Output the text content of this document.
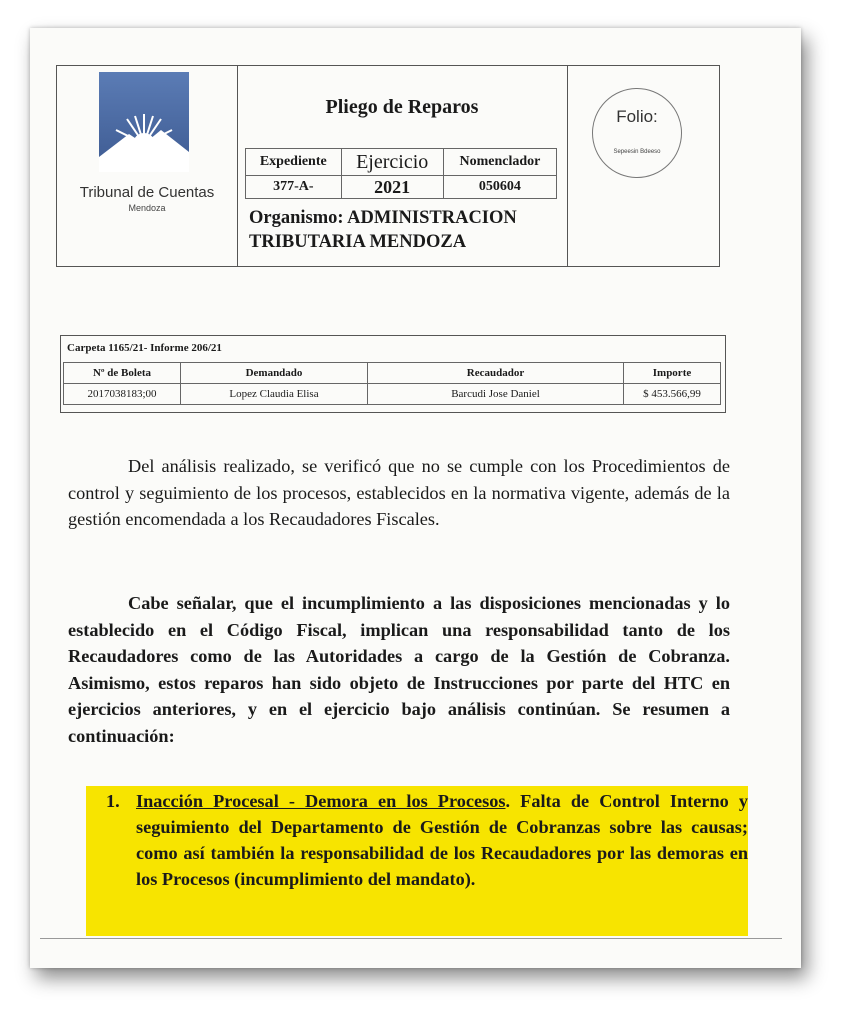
Tribunal de Cuentas
Mendoza
Pliego de Reparos
Expediente	Ejercicio	Nomenclador
377-A-	2021	050604
Organismo: ADMINISTRACION
TRIBUTARIA MENDOZA
Folio:
Sepeesin Bdeeso
Carpeta 1165/21- Informe 206/21
Nº de Boleta	Demandado	Recaudador	Importe
2017038183;00	Lopez Claudia Elisa	Barcudi Jose Daniel	$ 453.566,99
Del análisis realizado, se verificó que no se cumple con los Procedimientos de control y seguimiento de los procesos, establecidos en la normativa vigente, además de la gestión encomendada a los Recaudadores Fiscales.
Cabe señalar, que el incumplimiento a las disposiciones mencionadas y lo establecido en el Código Fiscal, implican una responsabilidad tanto de los Recaudadores como de las Autoridades a cargo de la Gestión de Cobranza. Asimismo, estos reparos han sido objeto de Instrucciones por parte del HTC en ejercicios anteriores, y en el ejercicio bajo análisis continúan. Se resumen a continuación:
1. Inacción Procesal - Demora en los Procesos. Falta de Control Interno y seguimiento del Departamento de Gestión de Cobranzas sobre las causas; como así también la responsabilidad de los Recaudadores por las demoras en los Procesos (incumplimiento del mandato).
